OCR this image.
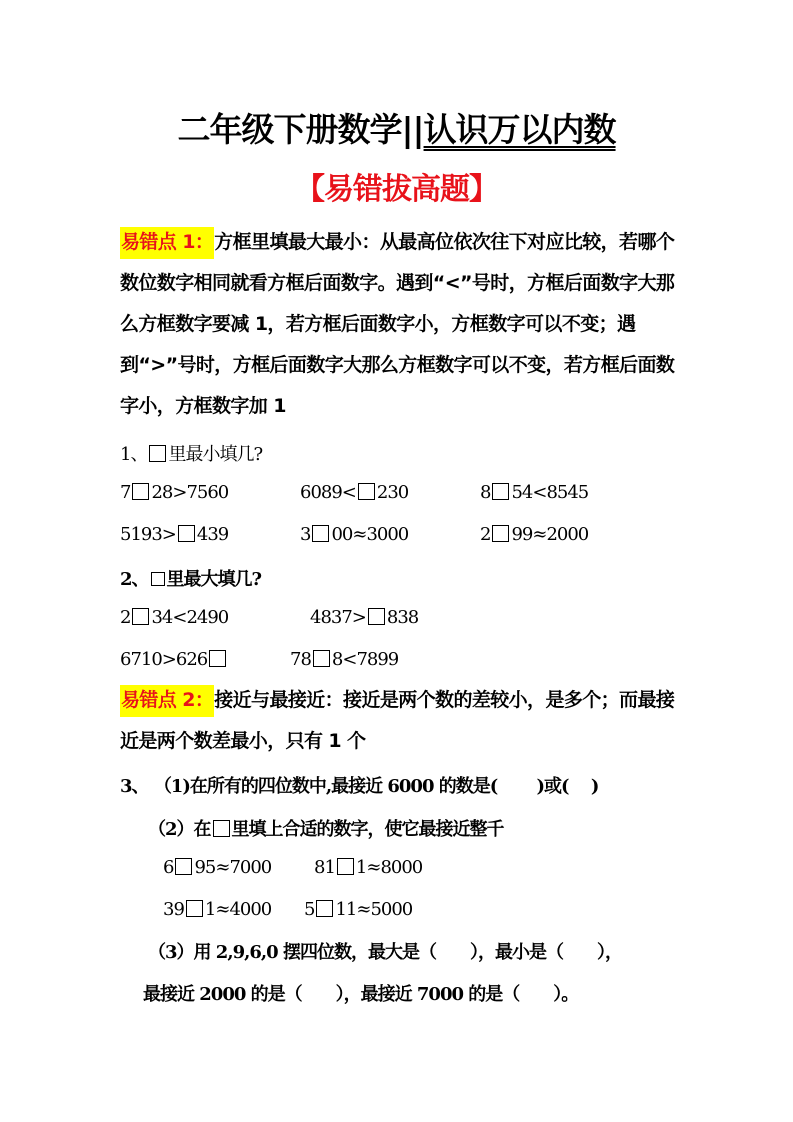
二年级下册数学||认识万以内数
【易错拔高题】
易错点 1：方框里填最大最小：从最高位依次往下对应比较，若哪个数位数字相同就看方框后面数字。遇到“<”号时，方框后面数字大那么方框数字要减 1，若方框后面数字小，方框数字可以不变；遇到“>”号时，方框后面数字大那么方框数字可以不变，若方框后面数字小，方框数字加 1
1、 里最小填几?
7 28>7560	6089< 230	8 54<8545
5193> 439	3 00≈3000	2 99≈2000
2、 里最大填几?
2 34<2490	4837> 838
6710>626	78 8<7899
易错点 2：接近与最接近：接近是两个数的差较小，是多个；而最接近是两个数差最小，只有 1 个
3、 （1)在所有的四位数中,最接近 6000 的数是(　　 )或(　 )
（2）在 里填上合适的数字，使它最接近整千
6 95≈7000 81 1≈8000
39 1≈4000 5 11≈5000
（3）用 2,9,6,0 摆四位数，最大是（　　），最小是（　　），
最接近 2000 的是（　　），最接近 7000 的是（　　）。
